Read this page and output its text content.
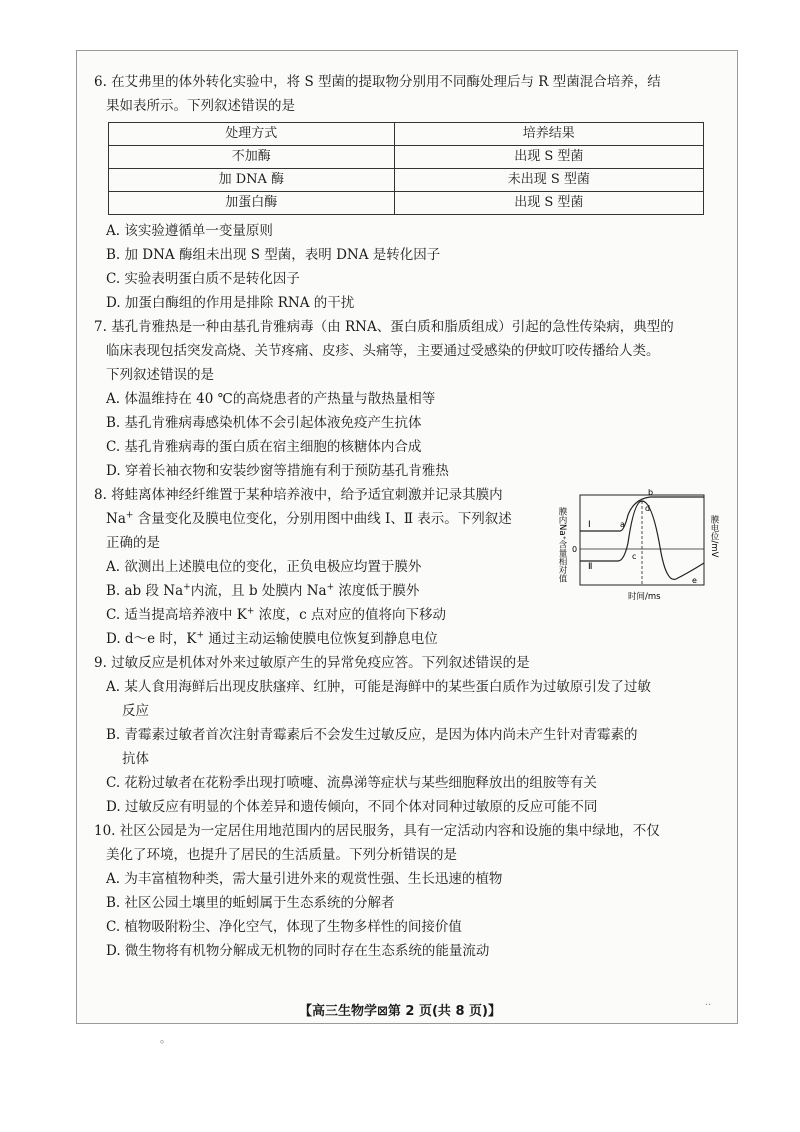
6. 在艾弗里的体外转化实验中，将 S 型菌的提取物分别用不同酶处理后与 R 型菌混合培养，结
果如表所示。下列叙述错误的是
处理方式	培养结果
不加酶	出现 S 型菌
加 DNA 酶	未出现 S 型菌
加蛋白酶	出现 S 型菌
A. 该实验遵循单一变量原则
B. 加 DNA 酶组未出现 S 型菌，表明 DNA 是转化因子
C. 实验表明蛋白质不是转化因子
D. 加蛋白酶组的作用是排除 RNA 的干扰
7. 基孔肯雅热是一种由基孔肯雅病毒（由 RNA、蛋白质和脂质组成）引起的急性传染病，典型的
临床表现包括突发高烧、关节疼痛、皮疹、头痛等，主要通过受感染的伊蚊叮咬传播给人类。
下列叙述错误的是
A. 体温维持在 40 ℃的高烧患者的产热量与散热量相等
B. 基孔肯雅病毒感染机体不会引起体液免疫产生抗体
C. 基孔肯雅病毒的蛋白质在宿主细胞的核糖体内合成
D. 穿着长袖衣物和安装纱窗等措施有利于预防基孔肯雅热
8. 将蛙离体神经纤维置于某种培养液中，给予适宜刺激并记录其膜内
Na+ 含量变化及膜电位变化，分别用图中曲线 Ⅰ、Ⅱ 表示。下列叙述
正确的是
A. 欲测出上述膜电位的变化，正负电极应均置于膜外
B. ab 段 Na+内流，且 b 处膜内 Na+ 浓度低于膜外
C. 适当提高培养液中 K+ 浓度，c 点对应的值将向下移动
D. d～e 时，K+ 通过主动运输使膜电位恢复到静息电位
膜内Na⁺含量相对值	膜电位/mV
0
Ⅰ
Ⅱ
a
b
c
d
e
时间/ms
9. 过敏反应是机体对外来过敏原产生的异常免疫应答。下列叙述错误的是
A. 某人食用海鲜后出现皮肤瘙痒、红肿，可能是海鲜中的某些蛋白质作为过敏原引发了过敏
反应
B. 青霉素过敏者首次注射青霉素后不会发生过敏反应，是因为体内尚未产生针对青霉素的
抗体
C. 花粉过敏者在花粉季出现打喷嚏、流鼻涕等症状与某些细胞释放出的组胺等有关
D. 过敏反应有明显的个体差异和遗传倾向，不同个体对同种过敏原的反应可能不同
10. 社区公园是为一定居住用地范围内的居民服务，具有一定活动内容和设施的集中绿地，不仅
美化了环境，也提升了居民的生活质量。下列分析错误的是
A. 为丰富植物种类，需大量引进外来的观赏性强、生长迅速的植物
B. 社区公园土壤里的蚯蚓属于生态系统的分解者
C. 植物吸附粉尘、净化空气，体现了生物多样性的间接价值
D. 微生物将有机物分解成无机物的同时存在生态系统的能量流动
【高三生物学⊠第 2 页(共 8 页)】
。
··
